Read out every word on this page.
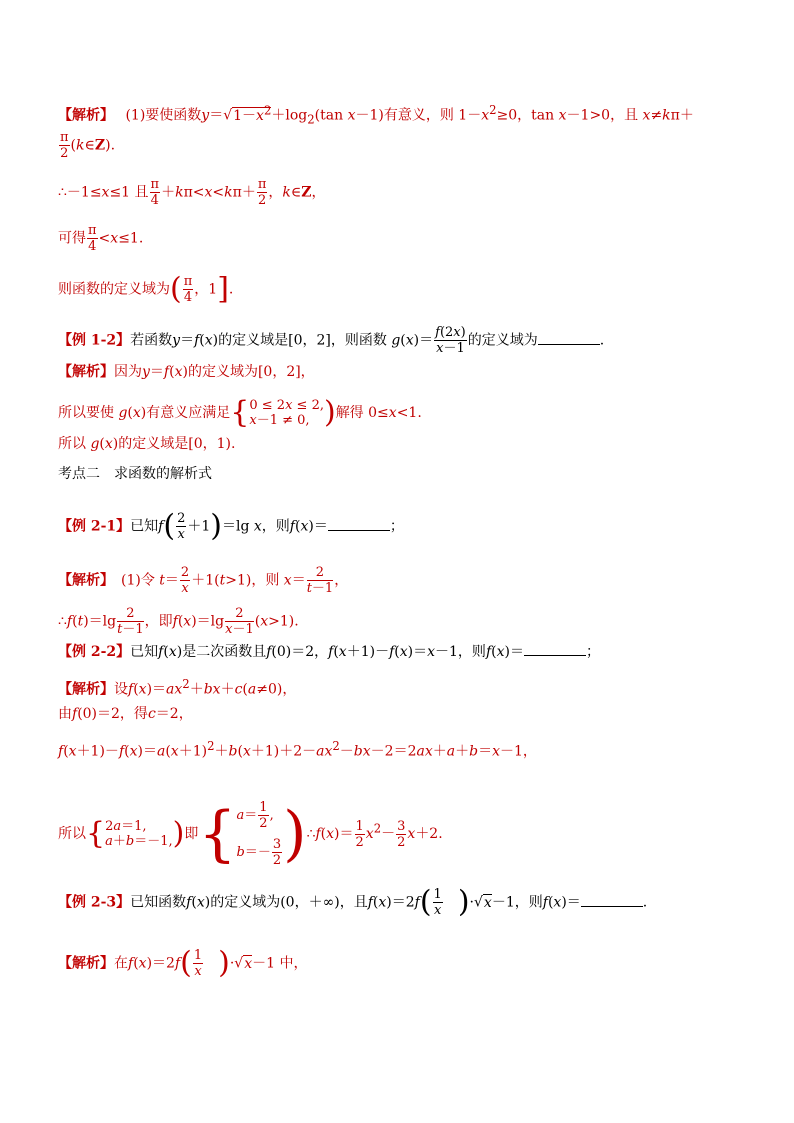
【解析】　 (1)要使函数$y=√1-x^2+\log_2(\tan$ x－1)有意义，则 $1-x^2\ge 0$，tan x－1>0，且 x≠kπ＋
$\frac{\pi}{2}$ (k∈Z).
∴－1≤x≤1 且 $\frac{\pi}{4} +k\pi<x<k\pi+ \frac{\pi}{2}$ ，k∈Z，
可得 $\frac{\pi}{4} <x\le 1$.
则函数的定义域为( $\frac{\pi}{4}$ ，1].
【例 1-2】若函数y＝f(x)的定义域是[0，2]，则函数 $g(x)= \frac{f(2x)}{x-1}$ 的定义域为	.
【解析】因为y＝f(x)的定义域为[0，2]，
所以要使 g(x)有意义应满足{ 0 ≤ 2x ≤ 2,
x－1 ≠ 0, )解得 0≤x<1.
所以 g(x)的定义域是[0，1).
考点二　求函数的解析式
【例 2-1】已知$f( \frac{2}{x} +1)=\lg$ x，则f(x)＝	；
【解析】　(1)令 $t= \frac{2}{x} +1(t>1)$，则 $x= \frac{2}{t-1}$ ，
∴f(t)＝lg $\frac{2}{t-1}$ ，即$f(x)=\lg \frac{2}{x-1} (x>1)$.
【例 2-2】已知f(x)是二次函数且f(0)＝2，f(x＋1)－f(x)＝x－1，则f(x)＝	；
【解析】设$f(x)=ax^2+bx+c(a\ne 0)$，
由f(0)＝2，得c＝2，
$f(x+1)-f(x)=a(x+1)^2+b(x+1)+2-ax^2-bx-2=2ax+a+b=x-1$，
所以{ 2a＝1,
a＋b＝－1, )即{ $a= \frac{1}{2}$ ,
$b=- \frac{3}{2}$ )∴f(x)＝ $\frac{1}{2} x^2- \frac{3}{2} x+2$.
【例 2-3】已知函数f(x)的定义域为(0，＋∞)，且$f(x)=2f( \frac{1}{x}$
　 )·√x－1，则f(x)＝	.
【解析】在$f(x)=2f( \frac{1}{x}$
　 )·√x－1 中，
